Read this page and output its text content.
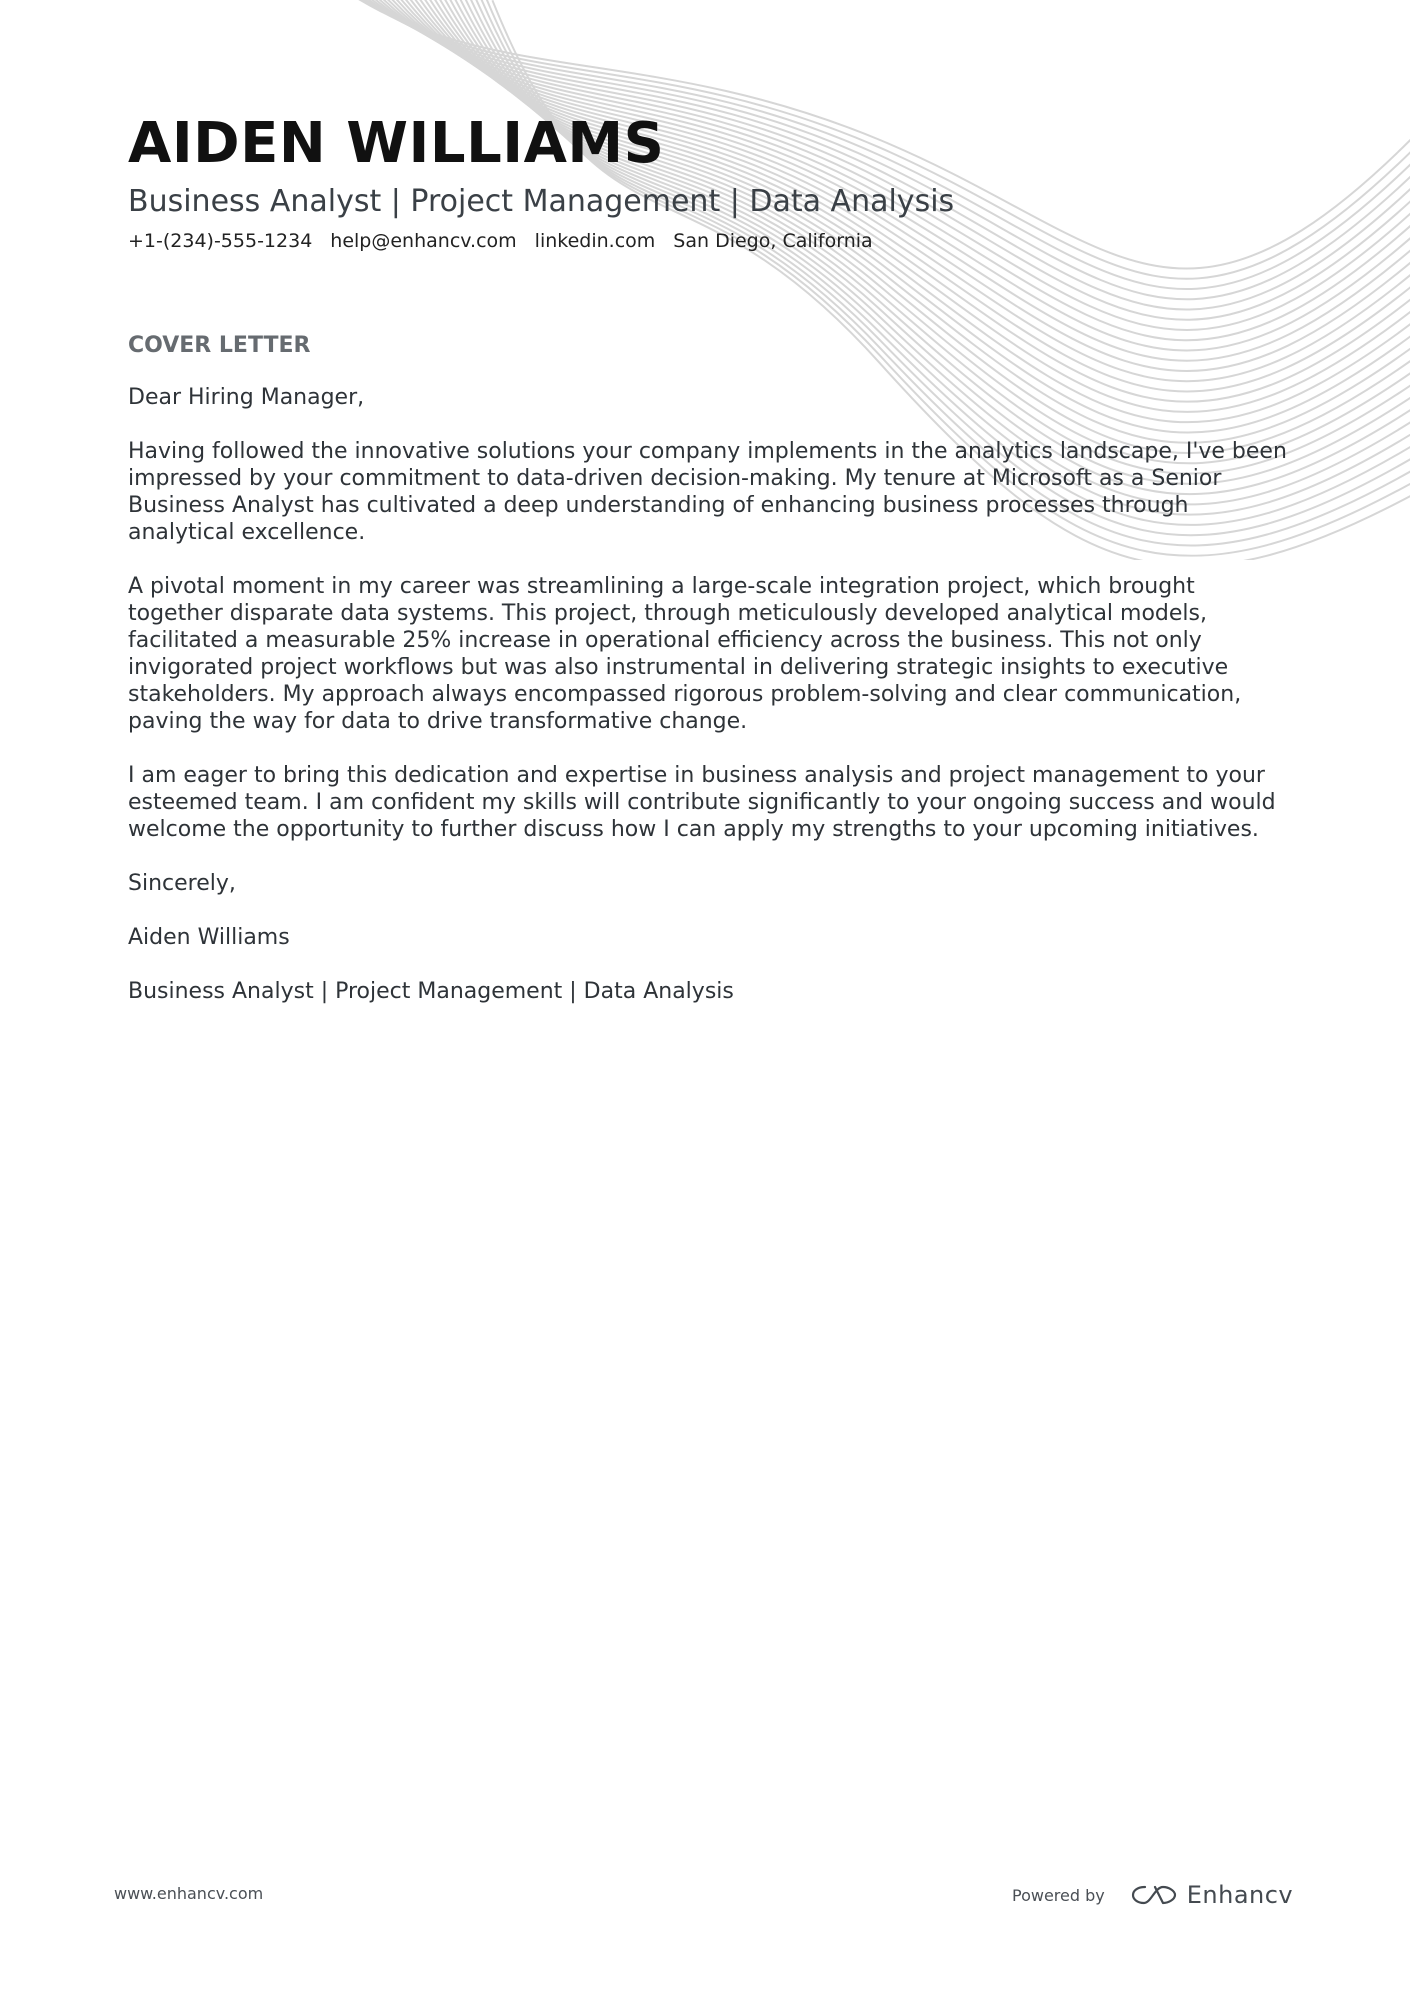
AIDEN WILLIAMS
Business Analyst | Project Management | Data Analysis
+1-(234)-555-1234 help@enhancv.com linkedin.com San Diego, California
COVER LETTER

Dear Hiring Manager,

Having followed the innovative solutions your company implements in the analytics landscape, I've been impressed by your commitment to data-driven decision-making. My tenure at Microsoft as a Senior Business Analyst has cultivated a deep understanding of enhancing business processes through analytical excellence.

A pivotal moment in my career was streamlining a large-scale integration project, which brought together disparate data systems. This project, through meticulously developed analytical models, facilitated a measurable 25% increase in operational efficiency across the business. This not only invigorated project workflows but was also instrumental in delivering strategic insights to executive stakeholders. My approach always encompassed rigorous problem-solving and clear communication, paving the way for data to drive transformative change.

I am eager to bring this dedication and expertise in business analysis and project management to your esteemed team. I am confident my skills will contribute significantly to your ongoing success and would welcome the opportunity to further discuss how I can apply my strengths to your upcoming initiatives.

Sincerely,

Aiden Williams

Business Analyst | Project Management | Data Analysis

www.enhancv.com	Powered by	Enhancv
